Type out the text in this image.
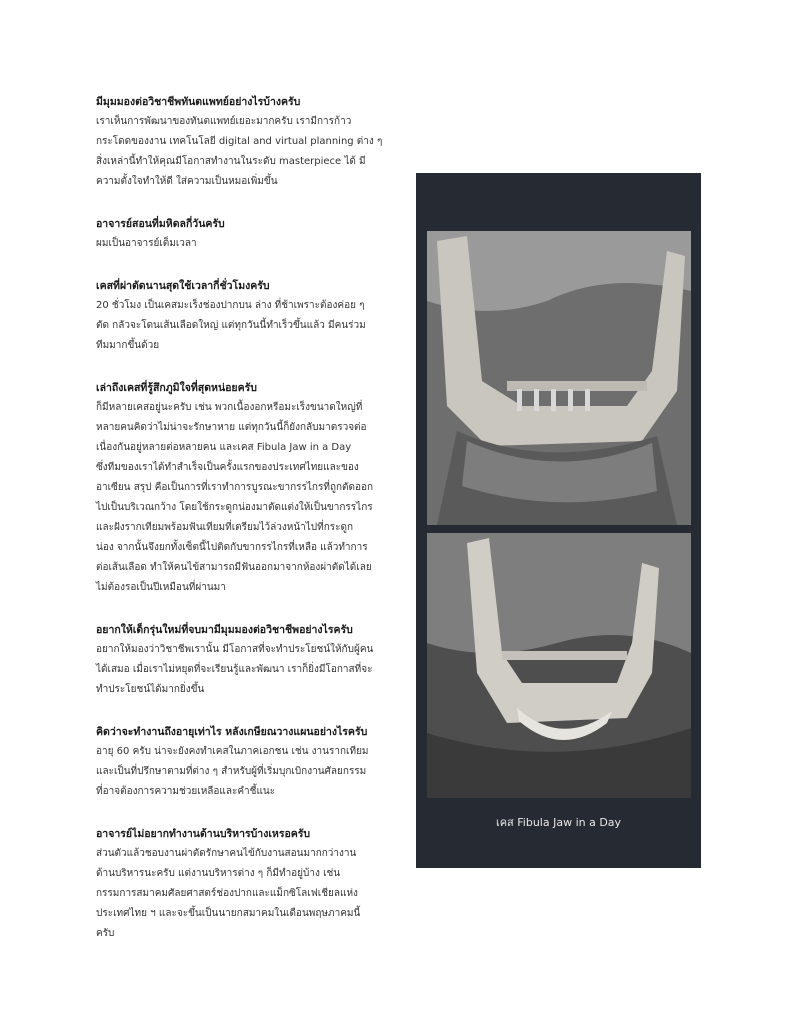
มีมุมมองต่อวิชาชีพทันตแพทย์อย่างไรบ้างครับ

เราเห็นการพัฒนาของทันตแพทย์เยอะมากครับ เรามีการก้าว

กระโดดของงาน เทคโนโลยี digital and virtual planning ต่าง ๆ

สิ่งเหล่านี้ทำให้คุณมีโอกาสทำงานในระดับ masterpiece ได้ มี

ความตั้งใจทำให้ดี ใส่ความเป็นหมอเพิ่มขึ้น

อาจารย์สอนที่มหิดลกี่วันครับ

ผมเป็นอาจารย์เต็มเวลา

เคสที่ผ่าตัดนานสุดใช้เวลากี่ชั่วโมงครับ

20 ชั่วโมง เป็นเคสมะเร็งช่องปากบน ล่าง ที่ช้าเพราะต้องค่อย ๆ

ตัด กลัวจะโดนเส้นเลือดใหญ่ แต่ทุกวันนี้ทำเร็วขึ้นแล้ว มีคนร่วม

ทีมมากขึ้นด้วย

เล่าถึงเคสที่รู้สึกภูมิใจที่สุดหน่อยครับ

ก็มีหลายเคสอยู่นะครับ เช่น พวกเนื้องอกหรือมะเร็งขนาดใหญ่ที่

หลายคนคิดว่าไม่น่าจะรักษาหาย แต่ทุกวันนี้ก็ยังกลับมาตรวจต่อ

เนื่องกันอยู่หลายต่อหลายคน และเคส Fibula Jaw in a Day

ซึ่งทีมของเราได้ทำสำเร็จเป็นครั้งแรกของประเทศไทยและของ

อาเซียน สรุป คือเป็นการที่เราทำการบูรณะขากรรไกรที่ถูกตัดออก

ไปเป็นบริเวณกว้าง โดยใช้กระดูกน่องมาตัดแต่งให้เป็นขากรรไกร

และฝังรากเทียมพร้อมฟันเทียมที่เตรียมไว้ล่วงหน้าไปที่กระดูก

น่อง จากนั้นจึงยกทั้งเซ็ตนี้ไปติดกับขากรรไกรที่เหลือ แล้วทำการ

ต่อเส้นเลือด ทำให้คนไข้สามารถมีฟันออกมาจากห้องผ่าตัดได้เลย

ไม่ต้องรอเป็นปีเหมือนที่ผ่านมา

อยากให้เด็กรุ่นใหม่ที่จบมามีมุมมองต่อวิชาชีพอย่างไรครับ

อยากให้มองว่าวิชาชีพเรานั้น มีโอกาสที่จะทำประโยชน์ให้กับผู้คน

ได้เสมอ เมื่อเราไม่หยุดที่จะเรียนรู้และพัฒนา เราก็ยิ่งมีโอกาสที่จะ

ทำประโยชน์ได้มากยิ่งขึ้น

คิดว่าจะทำงานถึงอายุเท่าไร หลังเกษียณวางแผนอย่างไรครับ

อายุ 60 ครับ น่าจะยังคงทำเคสในภาคเอกชน เช่น งานรากเทียม

และเป็นที่ปรึกษาตามที่ต่าง ๆ สำหรับผู้ที่เริ่มบุกเบิกงานศัลยกรรม

ที่อาจต้องการความช่วยเหลือและคำชี้แนะ

อาจารย์ไม่อยากทำงานด้านบริหารบ้างเหรอครับ

ส่วนตัวแล้วชอบงานผ่าตัดรักษาคนไข้กับงานสอนมากกว่างาน

ด้านบริหารนะครับ แต่งานบริหารต่าง ๆ ก็มีทำอยู่บ้าง เช่น

กรรมการสมาคมศัลยศาสตร์ช่องปากและแม็กซิโลเฟเชียลแห่ง

ประเทศไทย ฯ และจะขึ้นเป็นนายกสมาคมในเดือนพฤษภาคมนี้

ครับ

เคส Fibula Jaw in a Day
